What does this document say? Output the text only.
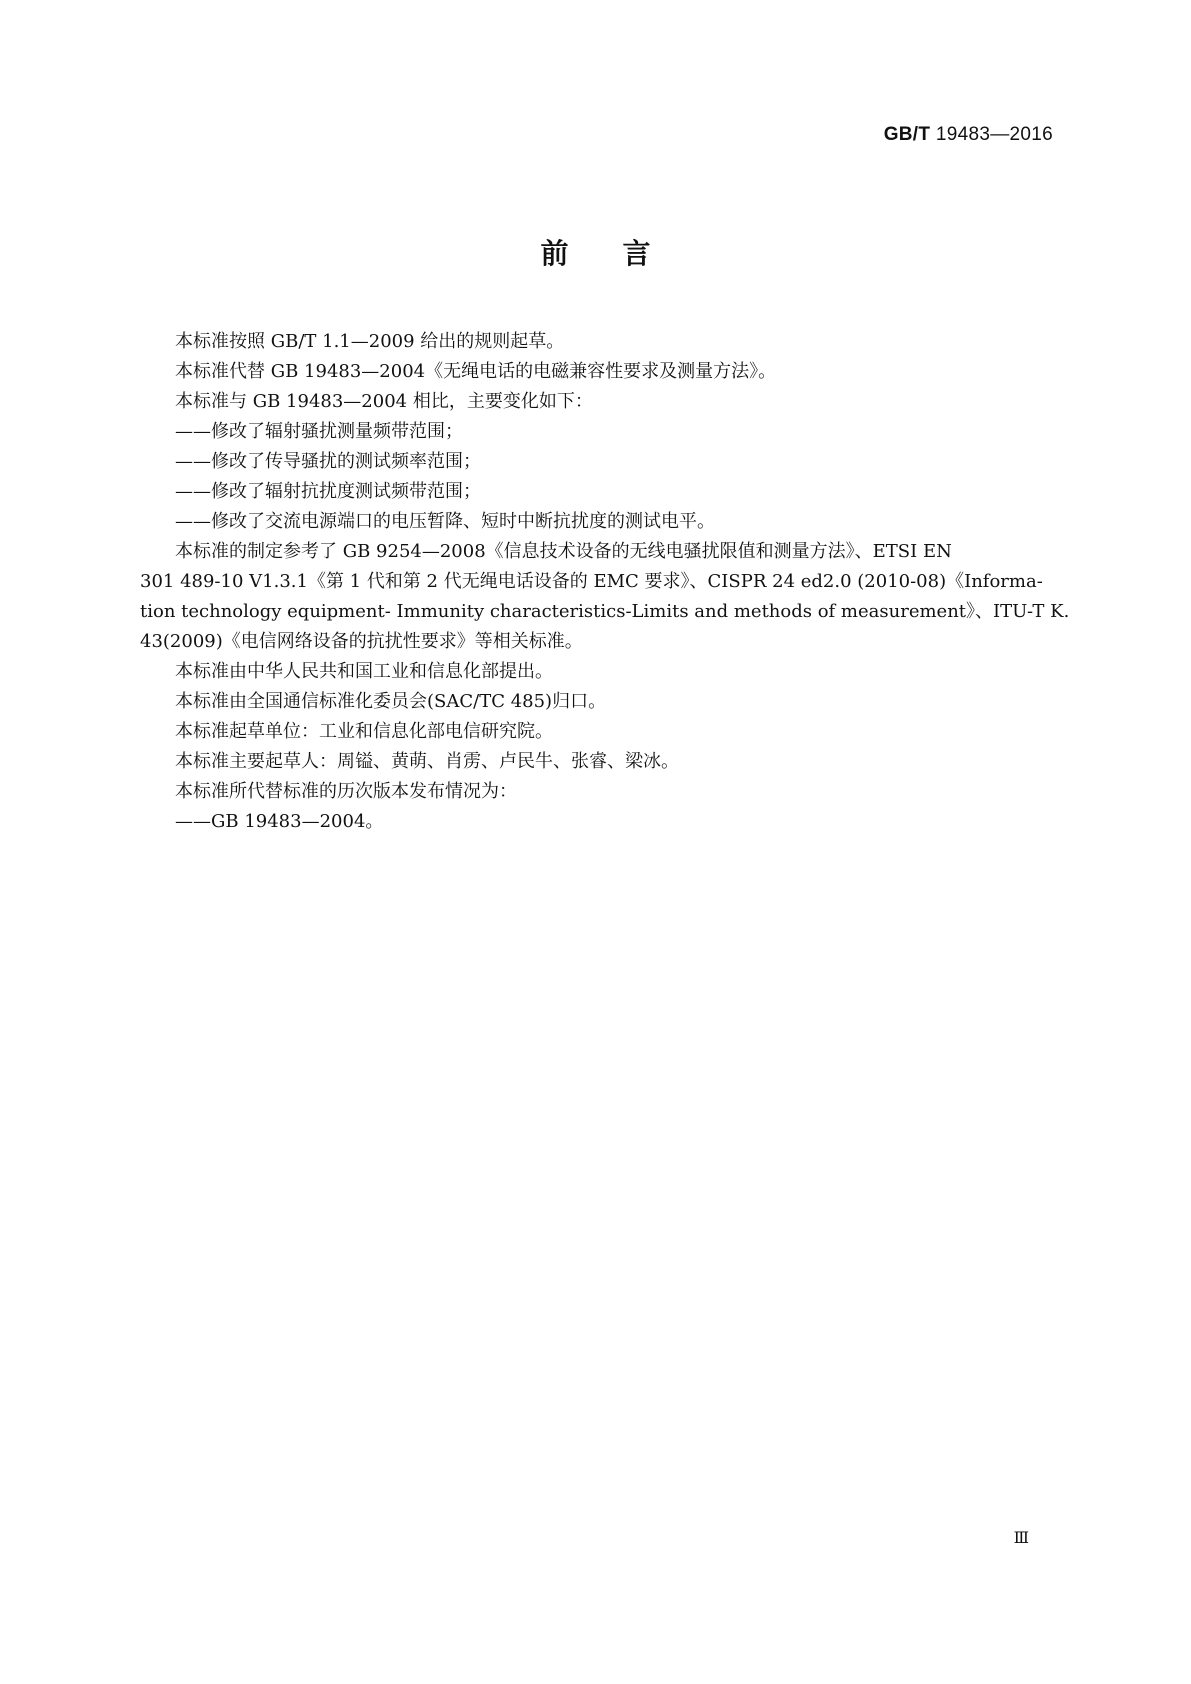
GB/T 19483—2016
前言

本标准按照 GB/T 1.1—2009 给出的规则起草。

本标准代替 GB 19483—2004《无绳电话的电磁兼容性要求及测量方法》。

本标准与 GB 19483—2004 相比，主要变化如下：

——修改了辐射骚扰测量频带范围；

——修改了传导骚扰的测试频率范围；

——修改了辐射抗扰度测试频带范围；

——修改了交流电源端口的电压暂降、短时中断抗扰度的测试电平。

本标准的制定参考了 GB 9254—2008《信息技术设备的无线电骚扰限值和测量方法》、ETSI EN
301 489-10 V1.3.1《第 1 代和第 2 代无绳电话设备的 EMC 要求》、CISPR 24 ed2.0 (2010-08)《Informa-
tion technology equipment- Immunity characteristics-Limits and methods of measurement》、ITU-T K.
43(2009)《电信网络设备的抗扰性要求》等相关标准。

本标准由中华人民共和国工业和信息化部提出。

本标准由全国通信标准化委员会(SAC/TC 485)归口。

本标准起草单位：工业和信息化部电信研究院。

本标准主要起草人：周镒、黄萌、肖雳、卢民牛、张睿、梁冰。

本标准所代替标准的历次版本发布情况为：

——GB 19483—2004。

Ⅲ
